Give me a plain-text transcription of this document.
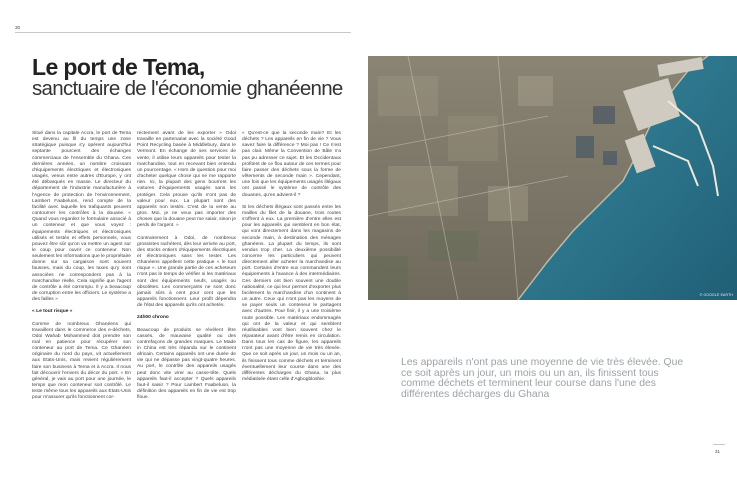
30
Le port de Tema,
sanctuaire de l'économie ghanéenne

Situé dans la capitale Accra, le port de Tema est devenu au fil du temps une zone stratégique puisque s'y opèrent aujourd'hui septante pourcent des échanges commerciaux de l'ensemble du Ghana. Ces dernières années, un nombre croissant d'équipements électriques et électroniques usagés, venus entre autres d'Europe, y ont été débarqués en masse. Le directeur du département de l'industrie manufacturière à l'Agence de protection de l'environnement, Lambert Faabeluon, rend compte de la facilité avec laquelle les trafiquants peuvent contourner les contrôles à la douane. « Quand vous regardez le formulaire associé à un conteneur et que vous voyez : équipements électriques et électroniques utilisés et testés et effets personnels, vous pouvez être sûr qu'on va mettre un agent sur le coup pour ouvrir ce conteneur. Non seulement les informations que le propriétaire donne sur sa cargaison sont souvent fausses, mais du coup, les taxes qu'y sont associées ne correspondent pas à la marchandise réelle. Cela signifie que l'agent de contrôle a été corrompu. Il y a beaucoup de corruption entre les officiers. Le système a des failles »

« Le tout risque »

Comme de nombreux Ghanéens qui travaillent dans le commerce des e-déchets, Odoi Wahab Mohammed doit prendre son mal en patience pour récupérer son conteneur au port de Tema. Ce Ghanéen originaire du nord du pays, vit actuellement aux Etats-Unis, mais revient régulièrement faire son business à Tema et à Accra. Il nous fait découvrir l'envers du décor du port. « En général, je vais au port pour une journée, le temps que mon conteneur soit contrôlé. Le teste même tous les appareils aux Etats-Unis pour m'assurer qu'ils fonctionnent cor-

rectement avant de les exporter » Odoi travaille en partenariat avec la société Good Point Recycling basée à Middlebury, dans le Vermont. En échange de ses services de vente, il utilise leurs appareils pour tester la marchandise, tout en recevant bien entendu un pourcentage. « Hors de question pour moi d'acheter quelque chose qui ne me rapporte rien. Ici, la plupart des gens bourrent les voitures d'équipements usagés sans les protéger. Cela prouve qu'ils n'ont pas de valeur pour eux. La plupart sont des appareils non testés. C'est de la vente au gros. Moi, je ne veux pas importer des choses que la douane peut me saisir, sinon je perds de l'argent. »

Contrairement à Odoi, de nombreux grossistes rachètent, dès leur arrivée au port, des stocks entiers d'équipements électriques et électroniques sans les tester. Les Ghanéens appellent cette pratique « le tout risque ». Une grande partie de ces acheteurs n'ont pas le temps de vérifier si les matériaux sont des équipements neufs, usagés ou obsolètes. Les commerçants ne sont donc jamais sûrs à cent pour cent que les appareils fonctionnent. Leur profit dépendra de l'état des appareils qu'ils ont achetés.

24h00 chrono

Beaucoup de produits se révèlent être cassés, de mauvaise qualité ou des contrefaçons de grandes marques. Le Made in China est très répandu sur le continent africain. Certains appareils ont une durée de vie qui ne dépasse pas vingt-quatre heures. Au port, le contrôle des appareils usagés peut donc vite virer au casse-tête. Quels appareils faut-il accepter ? Quels appareils faut-il saisir ? Pour Lambert Faabeluon, la définition des appareils en fin de vie est trop floue.

« Qu'est-ce que la seconde main? Et les déchets ? Les appareils en fin de vie ? Vous savez faire la différence ? Moi pas ! Ce n'est pas clair. Même la Convention de Bâle n'a pas pu adresser ce sujet. Et les Occidentaux profitent de ce flou autour de ces termes pour faire passer des déchets sous la forme de vêtements de seconde main ». Cependant, une fois que les équipements usagés illégaux ont passé le système de contrôle des douanes, qu'en advient-il ?

Si les déchets illégaux sont passés entre les mailles du filet de la douane, trois routes s'offrent à eux. La première d'entre elles est pour les appareils qui semblent en bon état, qui vont directement dans les magasins de seconde main, à destination des ménages ghanéens. La plupart du temps, ils sont vendus trop cher. La deuxième possibilité concerne les particuliers qui peuvent directement aller acheter la marchandise au port. Certains d'entre eux commandent leurs équipements à l'avance à des intermédiaires. Ces derniers ont bien souvent une double nationalité, ce qui leur permet d'exporter plus facilement la marchandise d'un continent à un autre. Ceux qui n'ont pas les moyens de se payer seuls un conteneur le partagent avec d'autres. Pour finir, il y a une troisième route possible. Les matériaux endommagés qui ont de la valeur et qui semblent réutilisables vont bien souvent chez le réparateur avant d'être remis en circulation. Dans tous les cas de figure, les appareils n'ont pas une moyenne de vie très élevée. Que ce soit après un jour, un mois ou un an, ils finissent tous comme déchets et terminent éventuellement leur course dans une des différentes décharges du Ghana, la plus médiatisée étant celle d'Agbogbloshie.

© GOOGLE EARTH

Les appareils n'ont pas une moyenne de vie très élevée. Que ce soit après un jour, un mois ou un an, ils finissent tous comme déchets et terminent leur course dans l'une des différentes décharges du Ghana

31
